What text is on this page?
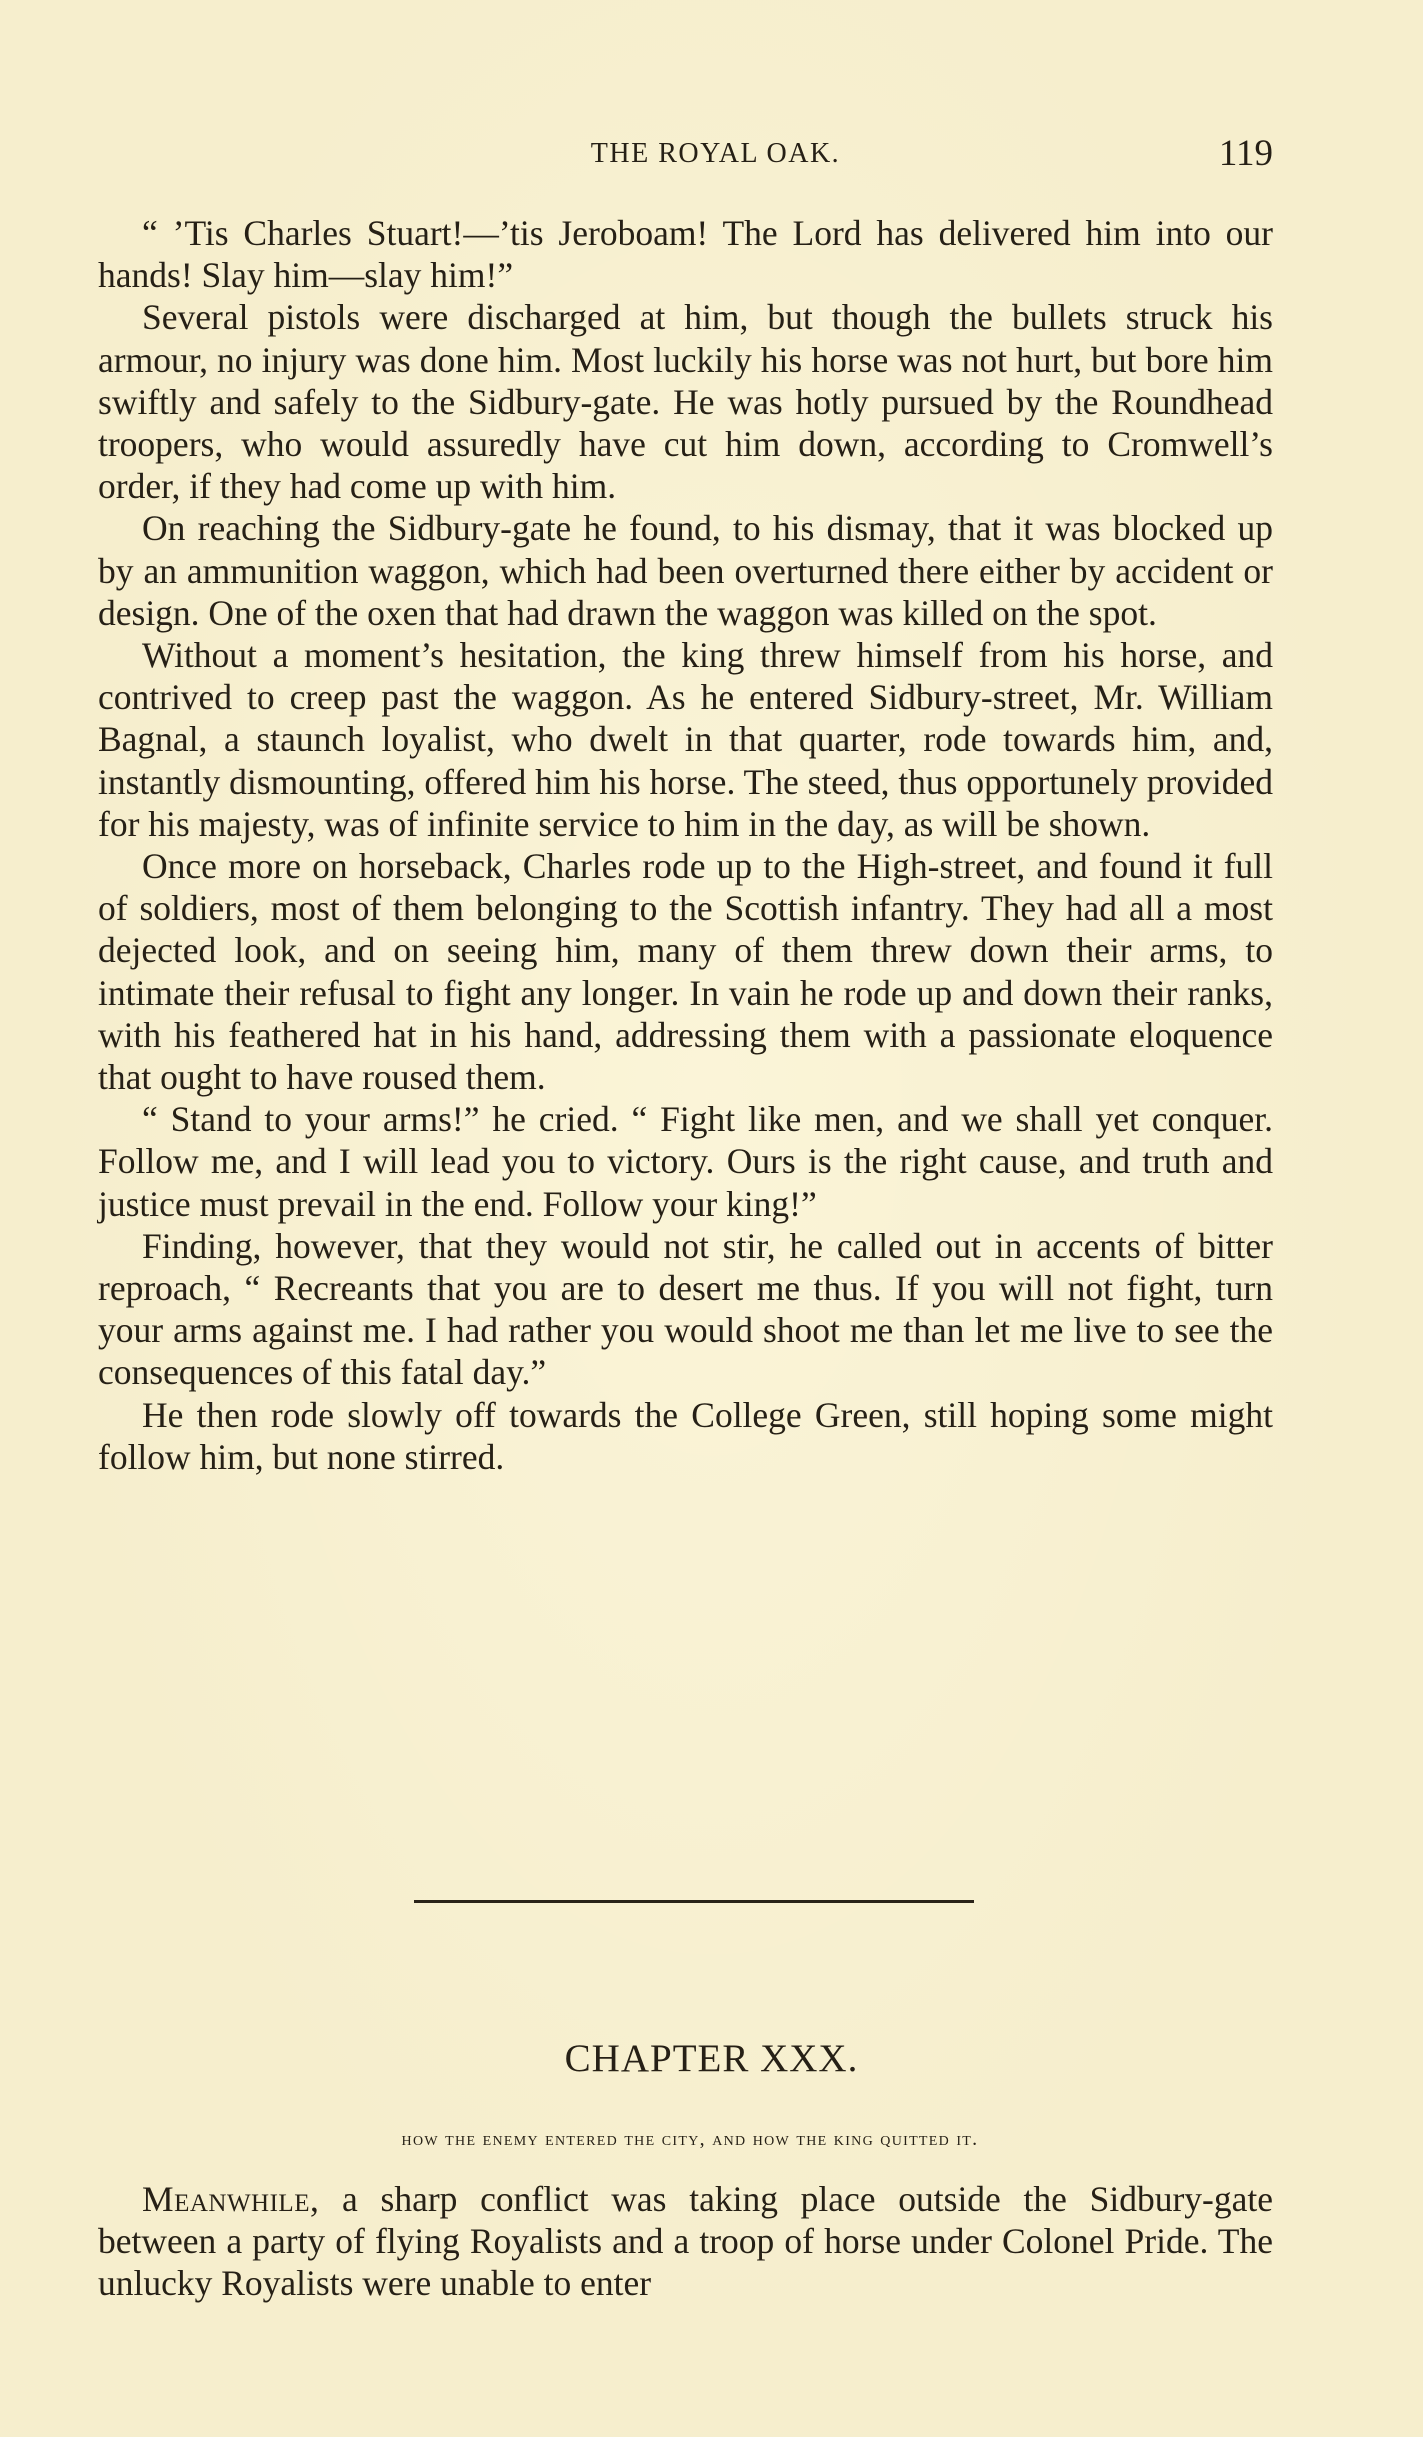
THE ROYAL OAK.	119

“ ’Tis Charles Stuart!—’tis Jeroboam! The Lord has delivered him into our hands! Slay him—slay him!”

Several pistols were discharged at him, but though the bullets struck his armour, no injury was done him. Most luckily his horse was not hurt, but bore him swiftly and safely to the Sidbury-gate. He was hotly pursued by the Roundhead troopers, who would assuredly have cut him down, according to Cromwell’s order, if they had come up with him.

On reaching the Sidbury-gate he found, to his dismay, that it was blocked up by an ammunition waggon, which had been overturned there either by accident or design. One of the oxen that had drawn the waggon was killed on the spot.

Without a moment’s hesitation, the king threw himself from his horse, and contrived to creep past the waggon. As he entered Sidbury-street, Mr. William Bagnal, a staunch loyalist, who dwelt in that quarter, rode towards him, and, instantly dismounting, offered him his horse. The steed, thus opportunely provided for his majesty, was of infinite service to him in the day, as will be shown.

Once more on horseback, Charles rode up to the High-street, and found it full of soldiers, most of them belonging to the Scottish infantry. They had all a most dejected look, and on seeing him, many of them threw down their arms, to intimate their refusal to fight any longer. In vain he rode up and down their ranks, with his feathered hat in his hand, addressing them with a passionate eloquence that ought to have roused them.

“ Stand to your arms!” he cried. “ Fight like men, and we shall yet conquer. Follow me, and I will lead you to victory. Ours is the right cause, and truth and justice must prevail in the end. Follow your king!”

Finding, however, that they would not stir, he called out in accents of bitter reproach, “ Recreants that you are to desert me thus. If you will not fight, turn your arms against me. I had rather you would shoot me than let me live to see the consequences of this fatal day.”

He then rode slowly off towards the College Green, still hoping some might follow him, but none stirred.

CHAPTER XXX.
how the enemy entered the city, and how the king quitted it.

Meanwhile, a sharp conflict was taking place outside the Sidbury-gate between a party of flying Royalists and a troop of horse under Colonel Pride. The unlucky Royalists were unable to enter
